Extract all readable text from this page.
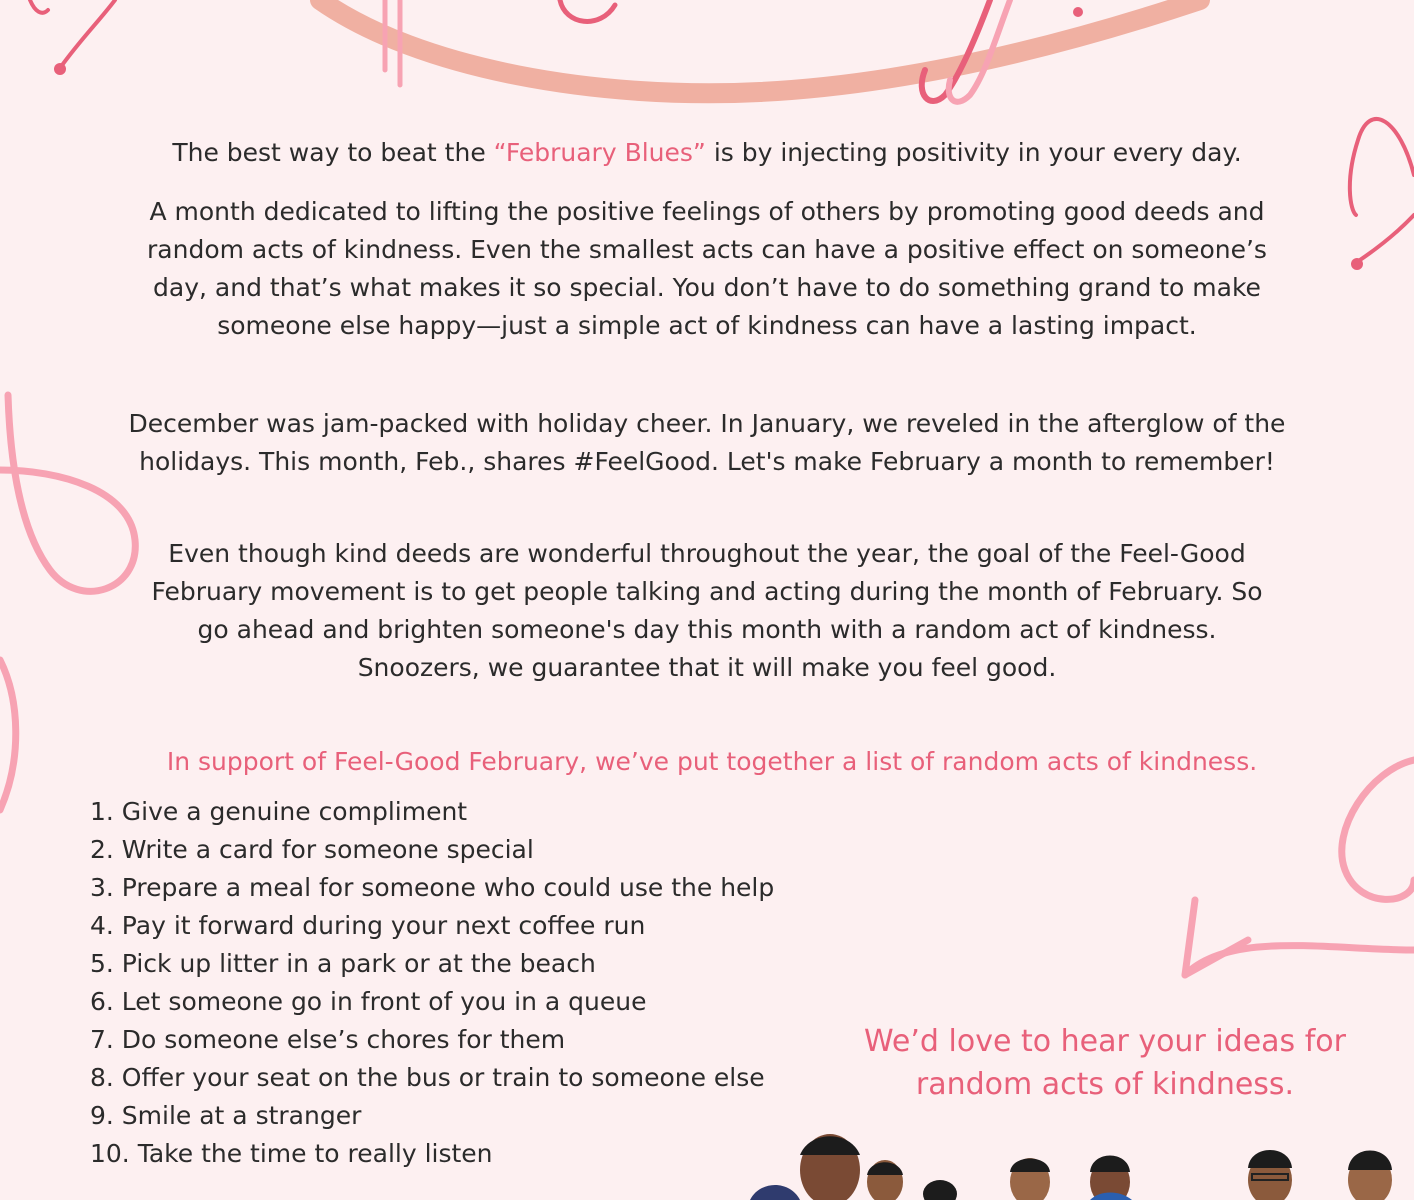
The best way to beat the “February Blues” is by injecting positivity in your every day.

A month dedicated to lifting the positive feelings of others by promoting good deeds and random acts of kindness. Even the smallest acts can have a positive effect on someone’s day, and that’s what makes it so special. You don’t have to do something grand to make someone else happy—just a simple act of kindness can have a lasting impact.

December was jam-packed with holiday cheer. In January, we reveled in the afterglow of the holidays. This month, Feb., shares #FeelGood. Let's make February a month to remember!

Even though kind deeds are wonderful throughout the year, the goal of the Feel-Good February movement is to get people talking and acting during the month of February. So go ahead and brighten someone's day this month with a random act of kindness. Snoozers, we guarantee that it will make you feel good.

In support of Feel-Good February, we’ve put together a list of random acts of kindness.

1. Give a genuine compliment
2. Write a card for someone special
3. Prepare a meal for someone who could use the help
4. Pay it forward during your next coffee run
5. Pick up litter in a park or at the beach
6. Let someone go in front of you in a queue
7. Do someone else’s chores for them
8. Offer your seat on the bus or train to someone else
9. Smile at a stranger
10. Take the time to really listen

We’d love to hear your ideas for random acts of kindness.
